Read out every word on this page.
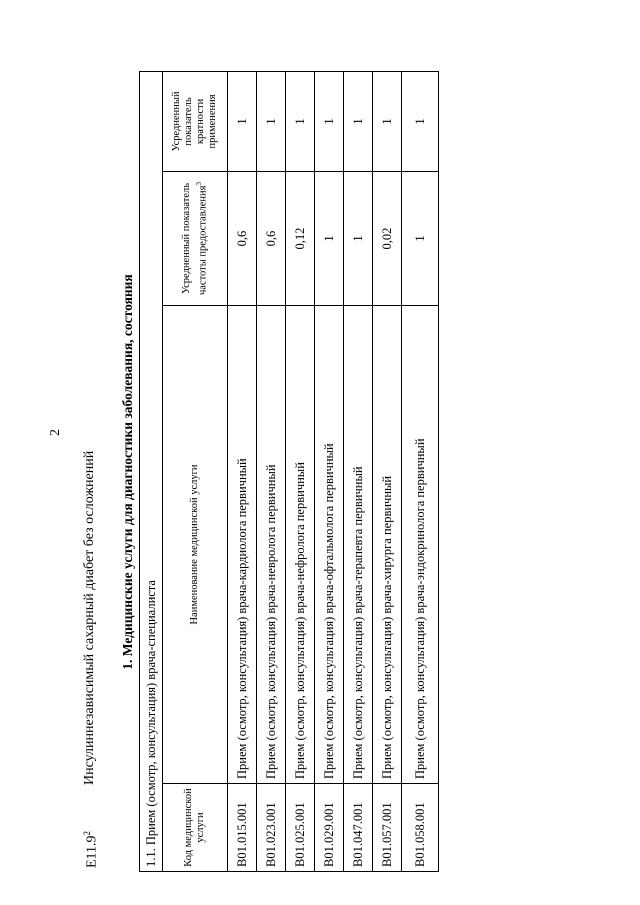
2
E11.9$^2$
Инсулиннезависимый сахарный диабет без осложнений 1. Медицинские услуги для диагностики заболевания, состояния
1.1. Прием (осмотр, консультация) врача-специалиста			
Код медицинской услуги	Наименование медицинской услуги	Усредненный показатель частоты предоставления$^3$	Усредненный показатель кратности применения
B01.015.001	Прием (осмотр, консультация) врача-кардиолога первичный	0,6	1
B01.023.001	Прием (осмотр, консультация) врача-невролога первичный	0,6	1
B01.025.001	Прием (осмотр, консультация) врача-нефролога первичный	0,12	1
B01.029.001	Прием (осмотр, консультация) врача-офтальмолога первичный	1	1
B01.047.001	Прием (осмотр, консультация) врача-терапевта первичный	1	1
B01.057.001	Прием (осмотр, консультация) врача-хирурга первичный	0,02	1
B01.058.001	Прием (осмотр, консультация) врача-эндокринолога первичный	1	1
